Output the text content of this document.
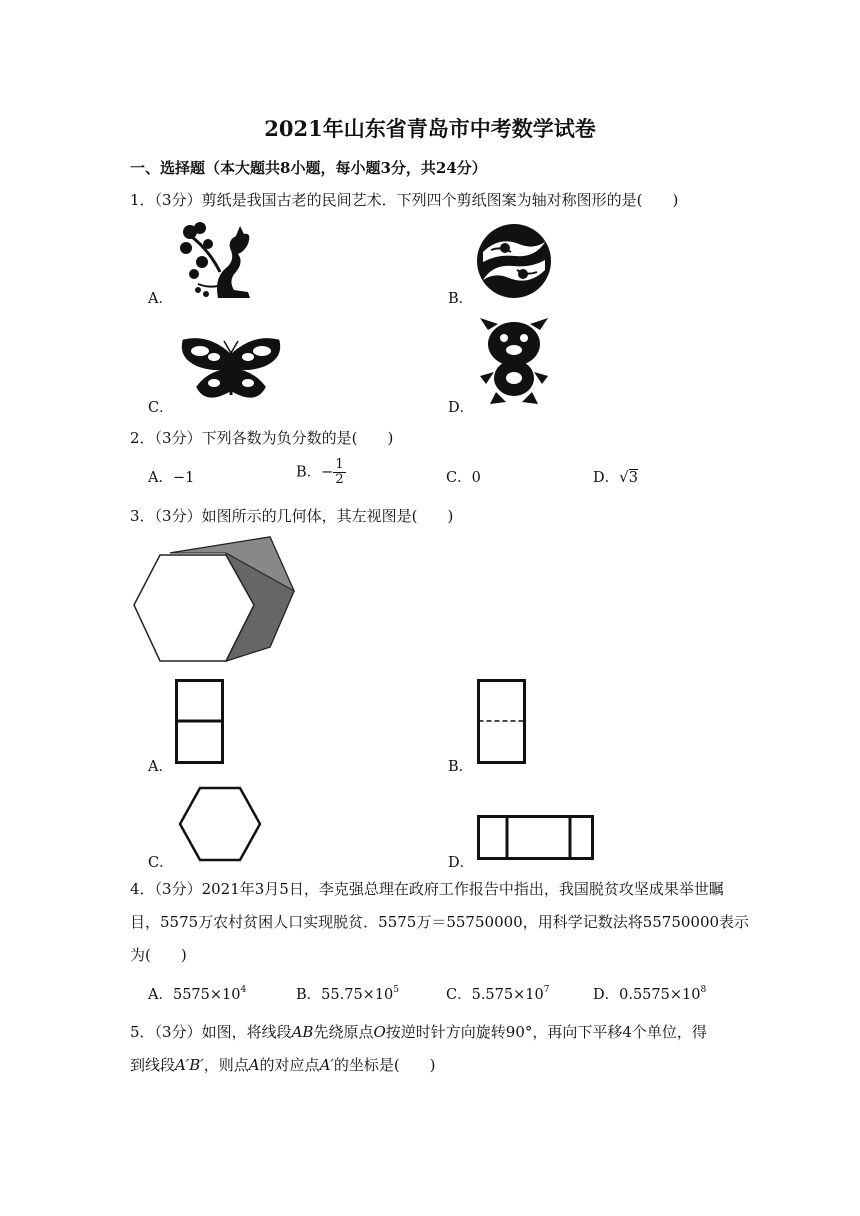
2021年山东省青岛市中考数学试卷
一、选择题（本大题共8小题，每小题3分，共24分）
1．（3分）剪纸是我国古老的民间艺术．下列四个剪纸图案为轴对称图形的是(　　)
A．	B．
C．	D．
2．（3分）下列各数为负分数的是(　　)
A．−1	B．− $\frac{1}{2}$	C．0	D．√3
3．（3分）如图所示的几何体，其左视图是(　　)
A．	B．
C．	D．
4．（3分）2021年3月5日，李克强总理在政府工作报告中指出，我国脱贫攻坚成果举世瞩
目，5575万农村贫困人口实现脱贫．5575万＝55750000，用科学记数法将55750000表示
为(　　)
A．$5575\times 10^4$	B．$55.75\times 10^5$	C．$5.575\times 10^7$	D．$0.5575\times 10^8$
5．（3分）如图，将线段AB先绕原点O按逆时针方向旋转90°，再向下平移4个单位，得
到线段A′B′，则点A的对应点A′的坐标是(　　)
